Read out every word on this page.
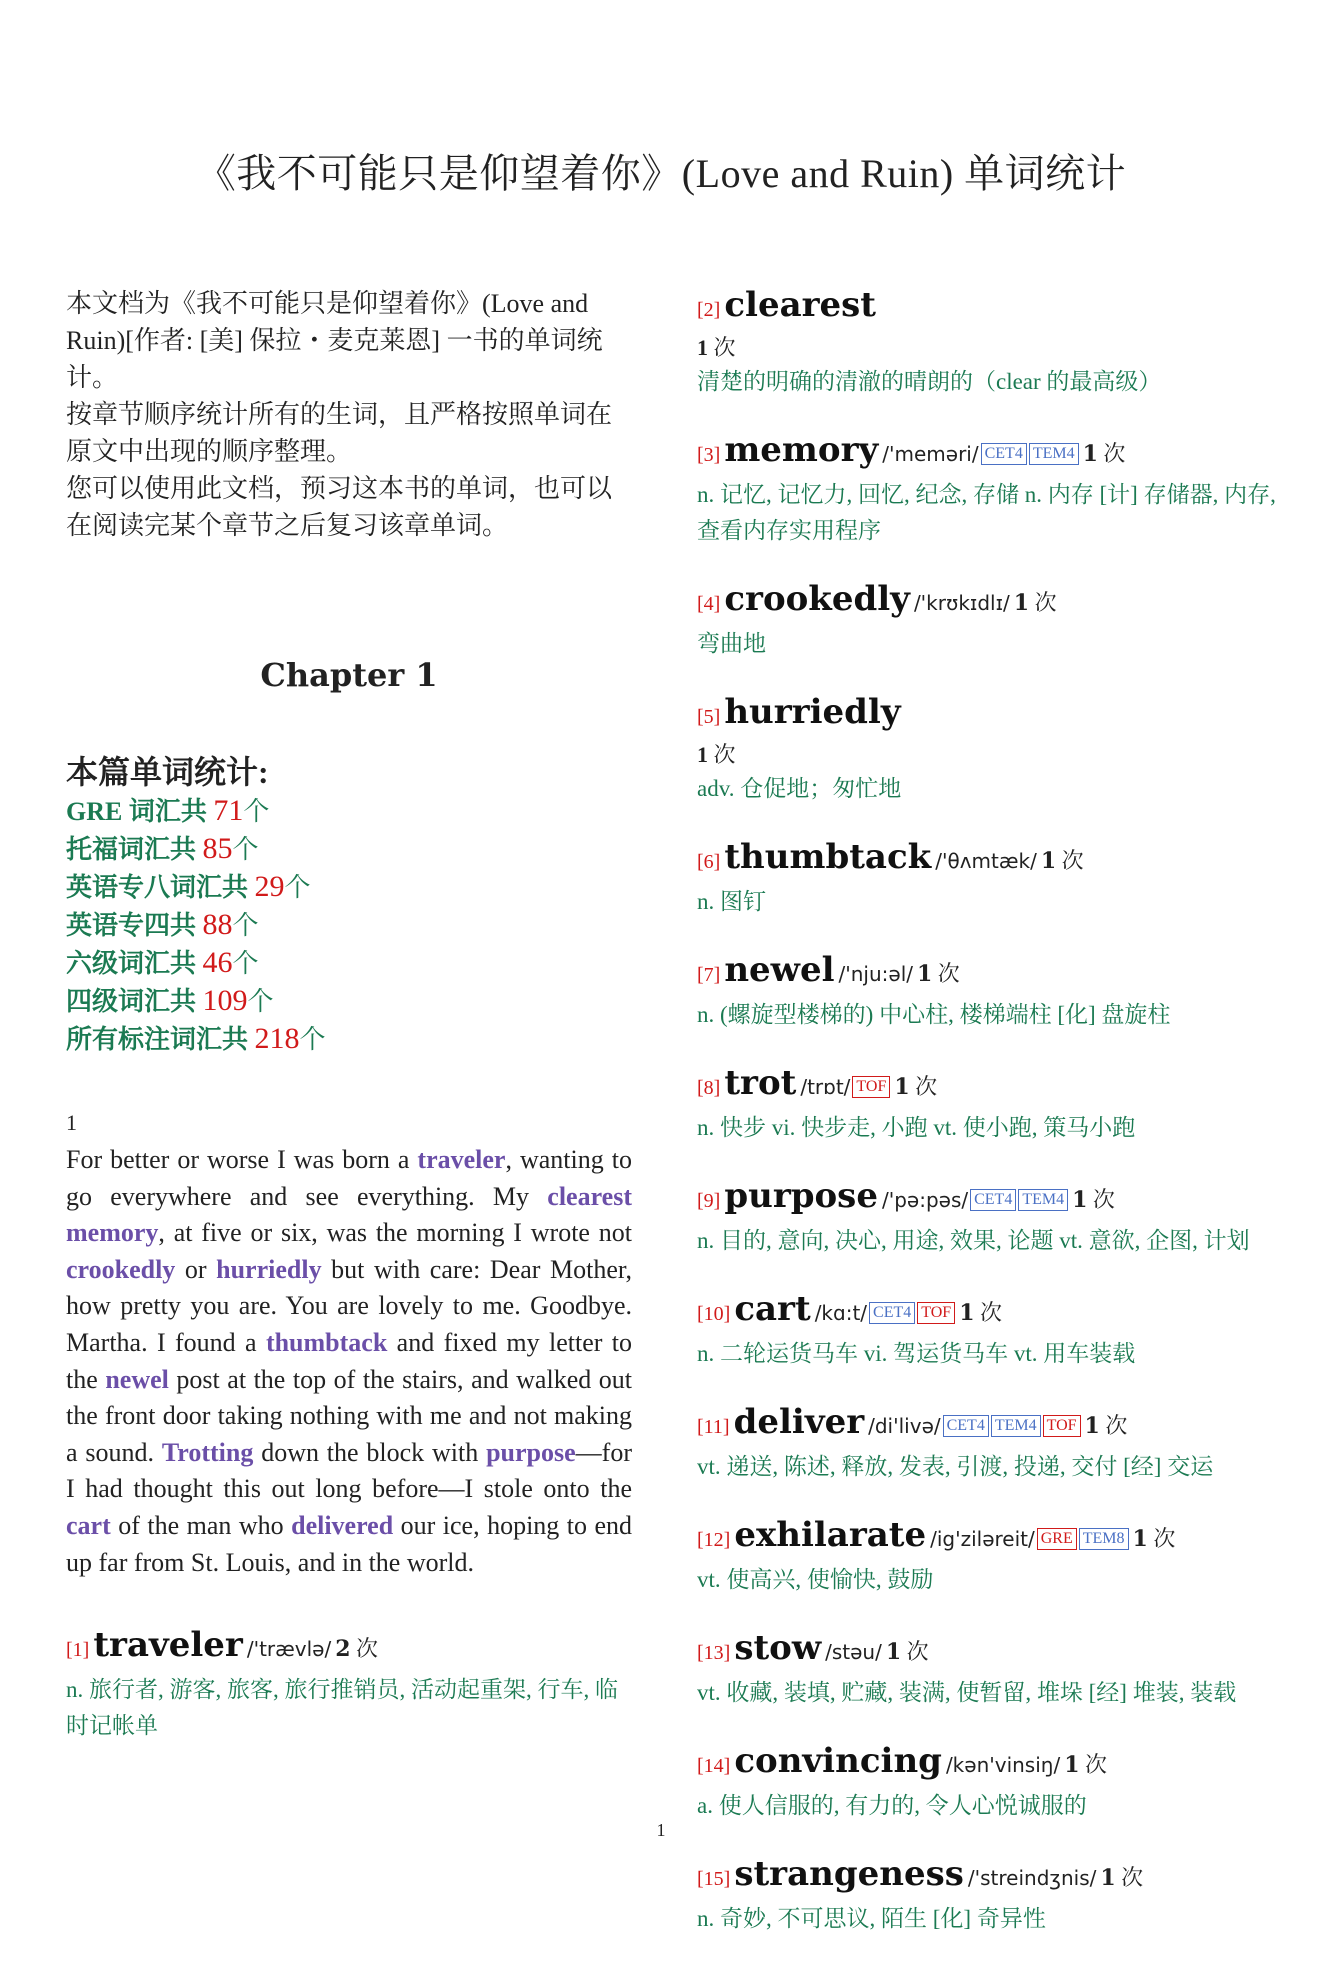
《我不可能只是仰望着你》(Love and Ruin) 单词统计

本文档为《我不可能只是仰望着你》(Love and Ruin)[作者: [美] 保拉・麦克莱恩] 一书的单词统计。

按章节顺序统计所有的生词，且严格按照单词在原文中出现的顺序整理。

您可以使用此文档，预习这本书的单词，也可以在阅读完某个章节之后复习该章单词。

Chapter 1
本篇单词统计:
GRE 词汇共 71个
托福词汇共 85个
英语专八词汇共 29个
英语专四共 88个
六级词汇共 46个
四级词汇共 109个
所有标注词汇共 218个
1
For better or worse I was born a traveler, wanting to go everywhere and see everything. My clearest memory, at five or six, was the morning I wrote not crookedly or hurriedly but with care: Dear Mother, how pretty you are. You are lovely to me. Goodbye. Martha. I found a thumbtack and fixed my letter to the newel post at the top of the stairs, and walked out the front door taking nothing with me and not making a sound. Trotting down the block with purpose—for I had thought this out long before—I stole onto the cart of the man who delivered our ice, hoping to end up far from St. Louis, and in the world.
[1] traveler /'trævlə/ 2 次
n. 旅行者, 游客, 旅客, 旅行推销员, 活动起重架, 行车, 临时记帐单
[2] clearest
1 次
清楚的明确的清澈的晴朗的（clear 的最高级）
[3] memory /'meməri/ CET4 TEM4 1 次
n. 记忆, 记忆力, 回忆, 纪念, 存储 n. 内存 [计] 存储器, 内存, 查看内存实用程序
[4] crookedly /'krʊkɪdlɪ/ 1 次
弯曲地
[5] hurriedly
1 次
adv. 仓促地；匆忙地
[6] thumbtack /'θʌmtæk/ 1 次
n. 图钉
[7] newel /'nju:əl/ 1 次
n. (螺旋型楼梯的) 中心柱, 楼梯端柱 [化] 盘旋柱
[8] trot /trɒt/ TOF 1 次
n. 快步 vi. 快步走, 小跑 vt. 使小跑, 策马小跑
[9] purpose /'pə:pəs/ CET4 TEM4 1 次
n. 目的, 意向, 决心, 用途, 效果, 论题 vt. 意欲, 企图, 计划
[10] cart /kɑ:t/ CET4 TOF 1 次
n. 二轮运货马车 vi. 驾运货马车 vt. 用车装载
[11] deliver /di'livə/ CET4 TEM4 TOF 1 次
vt. 递送, 陈述, 释放, 发表, 引渡, 投递, 交付 [经] 交运
[12] exhilarate /ig'ziləreit/ GRE TEM8 1 次
vt. 使高兴, 使愉快, 鼓励
[13] stow /stəu/ 1 次
vt. 收藏, 装填, 贮藏, 装满, 使暂留, 堆垛 [经] 堆装, 装载
[14] convincing /kən'vinsiŋ/ 1 次
a. 使人信服的, 有力的, 令人心悦诚服的
[15] strangeness /'streindʒnis/ 1 次
n. 奇妙, 不可思议, 陌生 [化] 奇异性
1
